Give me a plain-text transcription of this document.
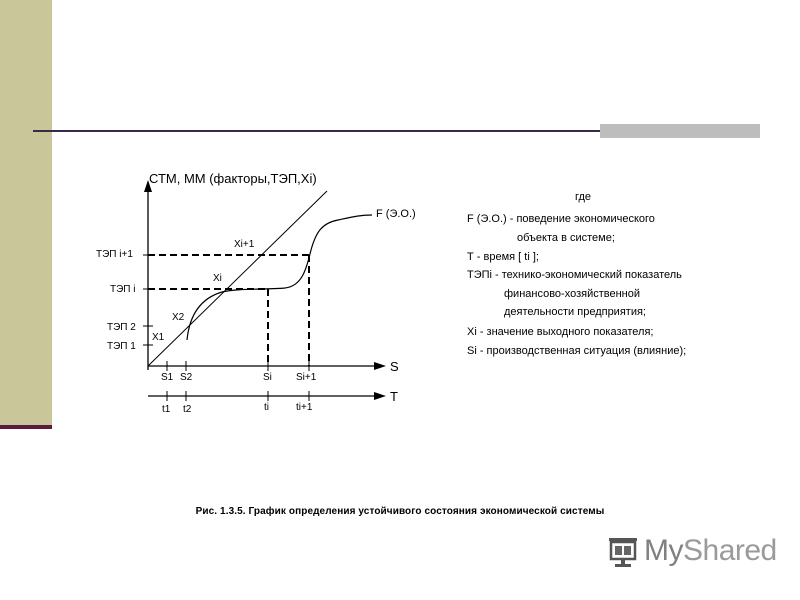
СТМ, ММ (факторы,ТЭП,Хi)
F (Э.О.)
S
T
ТЭП i+1
ТЭП i
ТЭП 2
ТЭП 1
Хi+1
Хi
Х2
Х1
S1 S2	Si Si+1
t1 t2	ti	ti+1
где
F (Э.О.) - поведение экономического
объекта в системе;
Т - время [ ti ];
ТЭПi - технико-экономический показатель
финансово-хозяйственной
деятельности предприятия;
Хi - значение выходного показателя;
Si - производственная ситуация (влияние);
Рис. 1.3.5. График определения устойчивого состояния экономической системы
MyShared
